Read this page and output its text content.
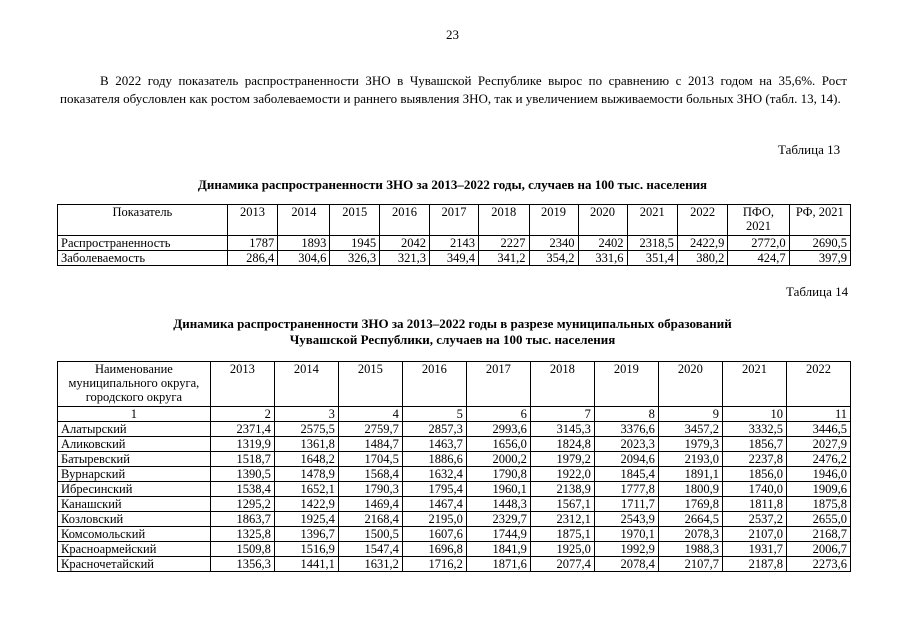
23

В 2022 году показатель распространенности ЗНО в Чувашской Республике вырос по сравнению с 2013 годом на 35,6%. Рост показателя обусловлен как ростом заболеваемости и раннего выявления ЗНО, так и увеличением выживаемости больных ЗНО (табл. 13, 14).

Таблица 13
Динамика распространенности ЗНО за 2013–2022 годы, случаев на 100 тыс. населения
Показатель	2013	2014	2015	2016	2017	2018	2019	2020	2021	2022	ПФО, 2021	РФ, 2021
Распространенность	1787	1893	1945	2042	2143	2227	2340	2402	2318,5	2422,9	2772,0	2690,5
Заболеваемость	286,4	304,6	326,3	321,3	349,4	341,2	354,2	331,6	351,4	380,2	424,7	397,9
Таблица 14
Динамика распространенности ЗНО за 2013–2022 годы в разрезе муниципальных образований
Чувашской Республики, случаев на 100 тыс. населения
Наименование муниципального округа, городского округа	2013	2014	2015	2016	2017	2018	2019	2020	2021	2022
1	2	3	4	5	6	7	8	9	10	11
Алатырский	2371,4	2575,5	2759,7	2857,3	2993,6	3145,3	3376,6	3457,2	3332,5	3446,5
Аликовский	1319,9	1361,8	1484,7	1463,7	1656,0	1824,8	2023,3	1979,3	1856,7	2027,9
Батыревский	1518,7	1648,2	1704,5	1886,6	2000,2	1979,2	2094,6	2193,0	2237,8	2476,2
Вурнарский	1390,5	1478,9	1568,4	1632,4	1790,8	1922,0	1845,4	1891,1	1856,0	1946,0
Ибресинский	1538,4	1652,1	1790,3	1795,4	1960,1	2138,9	1777,8	1800,9	1740,0	1909,6
Канашский	1295,2	1422,9	1469,4	1467,4	1448,3	1567,1	1711,7	1769,8	1811,8	1875,8
Козловский	1863,7	1925,4	2168,4	2195,0	2329,7	2312,1	2543,9	2664,5	2537,2	2655,0
Комсомольский	1325,8	1396,7	1500,5	1607,6	1744,9	1875,1	1970,1	2078,3	2107,0	2168,7
Красноармейский	1509,8	1516,9	1547,4	1696,8	1841,9	1925,0	1992,9	1988,3	1931,7	2006,7
Красночетайский	1356,3	1441,1	1631,2	1716,2	1871,6	2077,4	2078,4	2107,7	2187,8	2273,6
